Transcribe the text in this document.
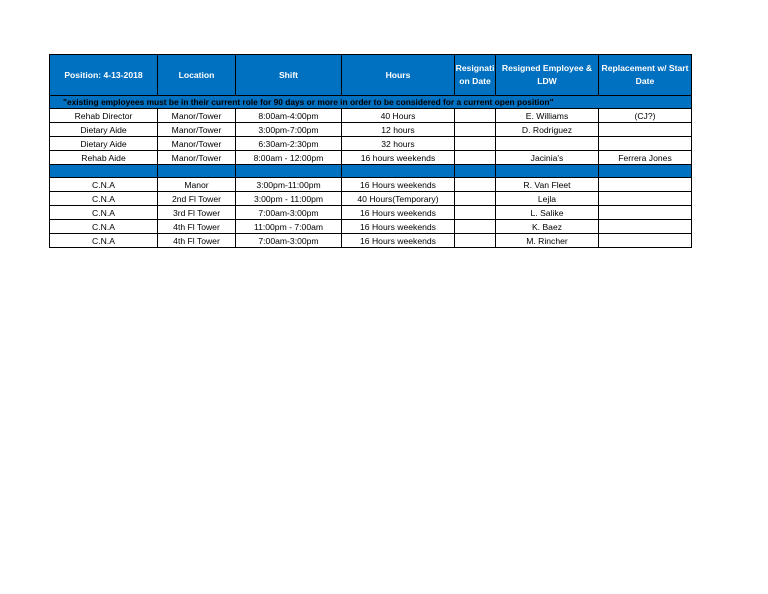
Position: 4-13-2018	Location	Shift	Hours	Resignation Date	Resigned Employee & LDW	Replacement w/ Start Date
"existing employees must be in their current role for 90 days or more in order to be considered for a current open position"						
Rehab Director	Manor/Tower	8:00am-4:00pm	40 Hours		E. Williams	(CJ?)
Dietary Aide	Manor/Tower	3:00pm-7:00pm	12 hours		D. Rodriguez	
Dietary Aide	Manor/Tower	6:30am-2:30pm	32 hours			
Rehab Aide	Manor/Tower	8:00am - 12:00pm	16 hours weekends		Jacinia's	Ferrera Jones

C.N.A	Manor	3:00pm-11:00pm	16 Hours weekends		R. Van Fleet	
C.N.A	2nd Fl Tower	3:00pm - 11:00pm	40 Hours(Temporary)		Lejla	
C.N.A	3rd Fl Tower	7:00am-3:00pm	16 Hours weekends		L. Salike	
C.N.A	4th Fl Tower	11:00pm - 7:00am	16 Hours weekends		K. Baez	
C.N.A	4th Fl Tower	7:00am-3:00pm	16 Hours weekends		M. Rincher	
